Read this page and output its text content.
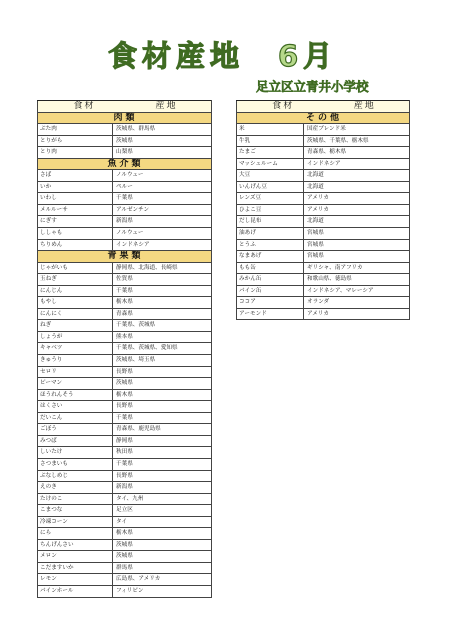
食材産地　6月
足立区立青井小学校
食材 産地	
肉類	
ぶた肉	茨城県、群馬県
とりがら	茨城県
とり肉	山梨県
魚介類	
さば	ノルウェー
いか	ペルー
いわし	千葉県
メルルーサ	アルゼンチン
にぎす	新潟県
ししゃも	ノルウェー
ちりめん	インドネシア
青果類	
じゃがいも	静岡県、北海道、長崎県
玉ねぎ	佐賀県
にんじん	千葉県
もやし	栃木県
にんにく	青森県
ねぎ	千葉県、茨城県
しょうが	熊本県
キャベツ	千葉県、茨城県、愛知県
きゅうり	茨城県、埼玉県
セロリ	長野県
ピーマン	茨城県
ほうれんそう	栃木県
はくさい	長野県
だいこん	千葉県
ごぼう	青森県、鹿児島県
みつば	静岡県
しいたけ	秋田県
さつまいも	千葉県
ぶなしめじ	長野県
えのき	新潟県
たけのこ	タイ、九州
こまつな	足立区
冷凍コーン	タイ
にら	栃木県
ちんげんさい	茨城県
メロン	茨城県
こだますいか	群馬県
レモン	広島県、アメリカ
パインホール	フィリピン
食材 産地	
その他	
米	国産ブレンド米
牛乳	茨城県、千葉県、栃木県
たまご	青森県、栃木県
マッシュルーム	インドネシア
大豆	北海道
いんげん豆	北海道
レンズ豆	アメリカ
ひよこ豆	アメリカ
だし昆布	北海道
油あげ	宮城県
とうふ	宮城県
なまあげ	宮城県
もも缶	ギリシャ、南アフリカ
みかん缶	和歌山県、徳島県
パイン缶	インドネシア、マレーシア
ココア	オランダ
アーモンド	アメリカ
